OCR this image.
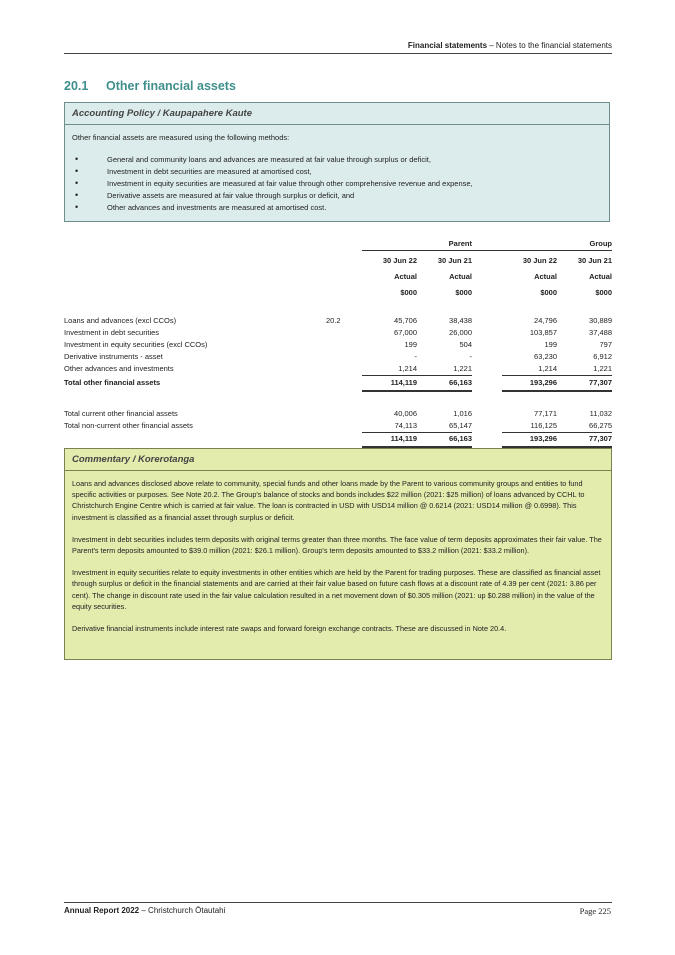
Financial statements – Notes to the financial statements
20.1 Other financial assets
Accounting Policy / Kaupapahere Kaute
Other financial assets are measured using the following methods:
• General and community loans and advances are measured at fair value through surplus or deficit,
• Investment in debt securities are measured at amortised cost,
• Investment in equity securities are measured at fair value through other comprehensive revenue and expense,
• Derivative assets are measured at fair value through surplus or deficit, and
• Other advances and investments are measured at amortised cost.
			Parent			Group
		30 Jun 22	30 Jun 21		30 Jun 22	30 Jun 21
		Actual	Actual		Actual	Actual
		$000	$000		$000	$000

Loans and advances (excl CCOs)	20.2	45,706	38,438		24,796	30,889
Investment in debt securities		67,000	26,000		103,857	37,488
Investment in equity securities (excl CCOs)		199	504		199	797
Derivative instruments - asset		-	-		63,230	6,912
Other advances and investments		1,214	1,221		1,214	1,221
Total other financial assets		114,119	66,163		193,296	77,307

Total current other financial assets		40,006	1,016		77,171	11,032
Total non-current other financial assets		74,113	65,147		116,125	66,275
		114,119	66,163		193,296	77,307
Commentary / Korerotanga

Loans and advances disclosed above relate to community, special funds and other loans made by the Parent to various community groups and entities to fund specific activities or purposes. See Note 20.2. The Group's balance of stocks and bonds includes $22 million (2021: $25 million) of loans advanced by CCHL to Christchurch Engine Centre which is carried at fair value. The loan is contracted in USD with USD14 million @ 0.6214 (2021: USD14 million @ 0.6998). This investment is classified as a financial asset through surplus or deficit.

Investment in debt securities includes term deposits with original terms greater than three months. The face value of term deposits approximates their fair value. The Parent's term deposits amounted to $39.0 million (2021: $26.1 million). Group's term deposits amounted to $33.2 million (2021: $33.2 million).

Investment in equity securities relate to equity investments in other entities which are held by the Parent for trading purposes. These are classified as financial asset through surplus or deficit in the financial statements and are carried at their fair value based on future cash flows at a discount rate of 4.39 per cent (2021: 3.86 per cent). The change in discount rate used in the fair value calculation resulted in a net movement down of $0.305 million (2021: up $0.288 million) in the value of the equity securities.

Derivative financial instruments include interest rate swaps and forward foreign exchange contracts. These are discussed in Note 20.4.

Annual Report 2022 – Christchurch Ōtautahi	Page 225
